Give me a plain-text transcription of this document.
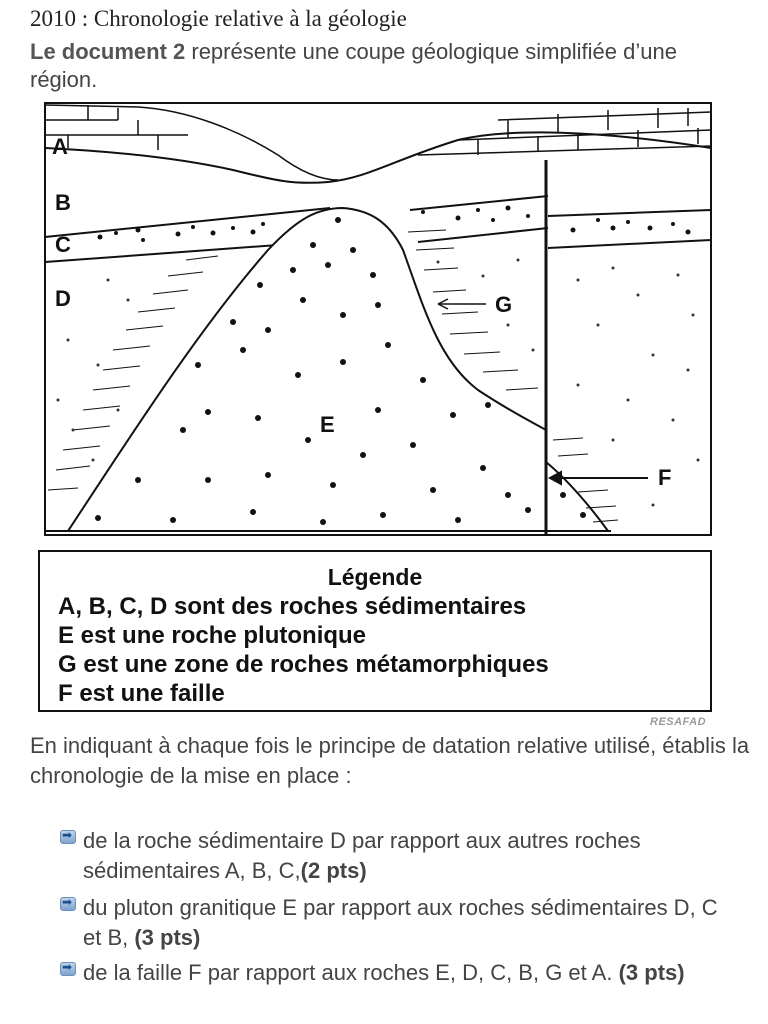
2010 : Chronologie relative à la géologie
Le document 2 représente une coupe géologique simplifiée d’une région.
A
B
C
D
E
G
F
Légende
A, B, C, D sont des roches sédimentaires
E est une roche plutonique
G est une zone de roches métamorphiques
F est une faille
RESAFAD
En indiquant à chaque fois le principe de datation relative utilisé, établis la chronologie de la mise en place :
➡
de la roche sédimentaire D par rapport aux autres roches sédimentaires A, B, C,(2 pts)
➡
du pluton granitique E par rapport aux roches sédimentaires D, C et B, (3 pts)
➡
de la faille F par rapport aux roches E, D, C, B, G et A. (3 pts)
